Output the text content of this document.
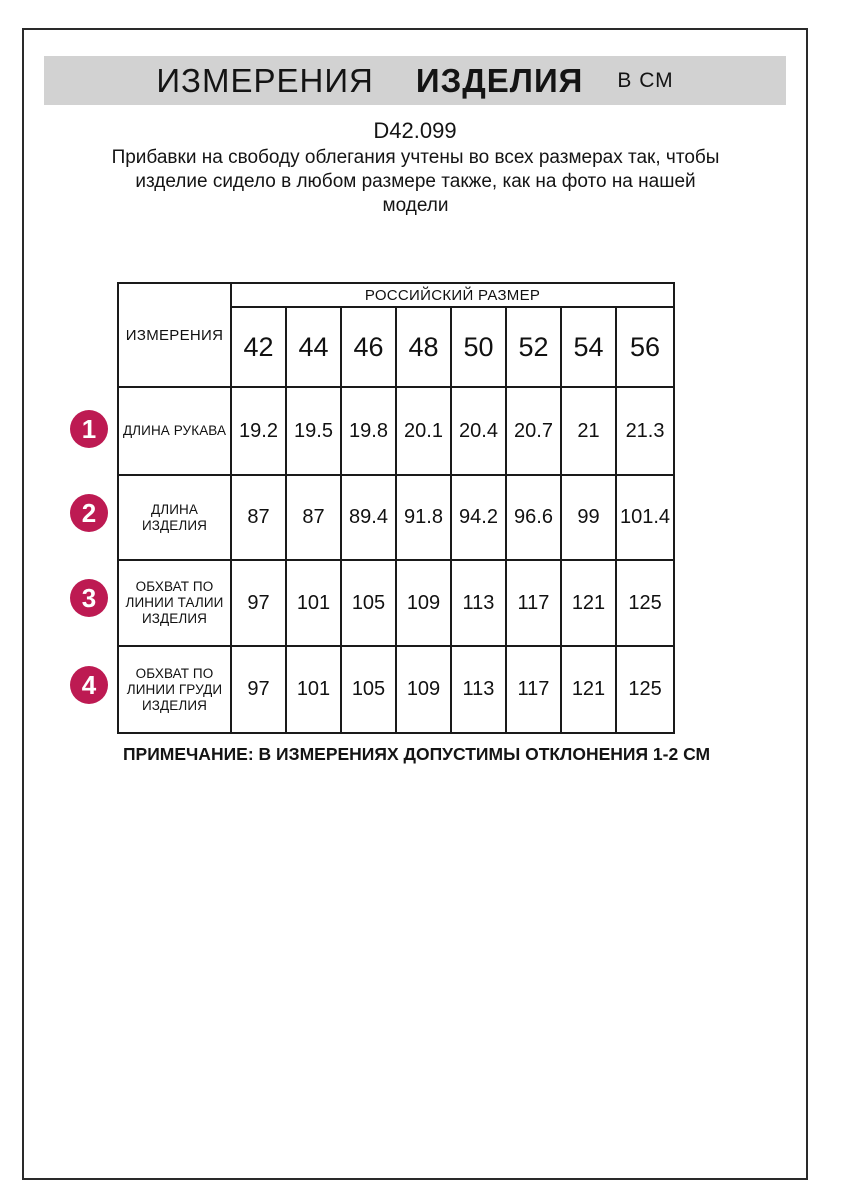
ИЗМЕРЕНИЯ ИЗДЕЛИЯ В СМ
D42.099
Прибавки на свободу облегания учтены во всех размерах так, чтобы изделие сидело в любом размере также, как на фото на нашей модели
1
2
3
4
ИЗМЕРЕНИЯ	РОССИЙСКИЙ РАЗМЕР							
	42	44	46	48	50	52	54	56
ДЛИНА РУКАВА	19.2	19.5	19.8	20.1	20.4	20.7	21	21.3
ДЛИНА ИЗДЕЛИЯ	87	87	89.4	91.8	94.2	96.6	99	101.4
ОБХВАТ ПО ЛИНИИ ТАЛИИ ИЗДЕЛИЯ	97	101	105	109	113	117	121	125
ОБХВАТ ПО ЛИНИИ ГРУДИ ИЗДЕЛИЯ	97	101	105	109	113	117	121	125
ПРИМЕЧАНИЕ: В ИЗМЕРЕНИЯХ ДОПУСТИМЫ ОТКЛОНЕНИЯ 1-2 СМ
